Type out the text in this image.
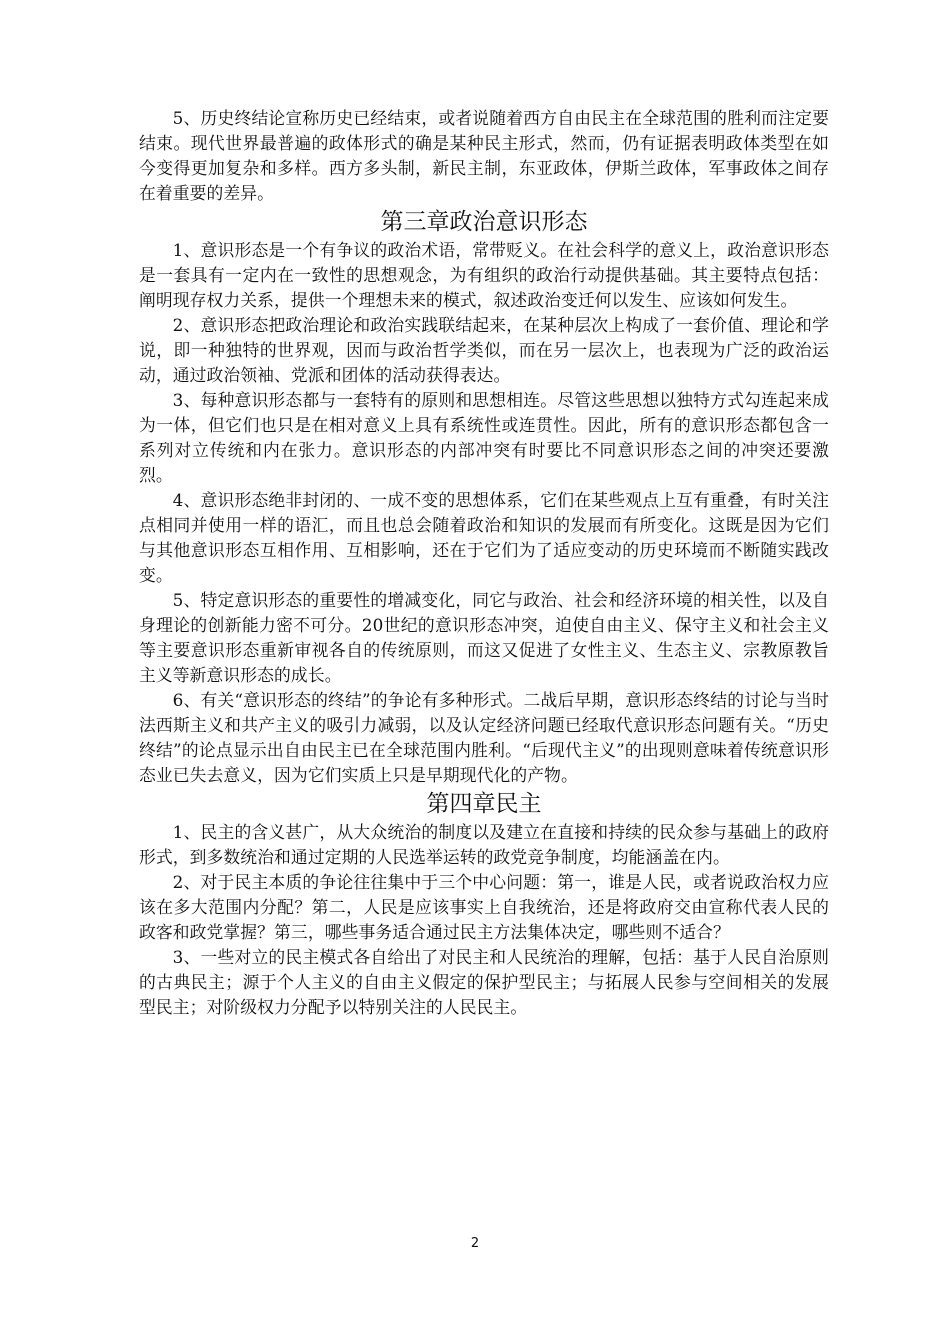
5、历史终结论宣称历史已经结束，或者说随着西方自由民主在全球范围的胜利而注定要结束。现代世界最普遍的政体形式的确是某种民主形式，然而，仍有证据表明政体类型在如今变得更加复杂和多样。西方多头制，新民主制，东亚政体，伊斯兰政体，军事政体之间存在着重要的差异。

第三章政治意识形态

1、意识形态是一个有争议的政治术语，常带贬义。在社会科学的意义上，政治意识形态是一套具有一定内在一致性的思想观念，为有组织的政治行动提供基础。其主要特点包括：阐明现存权力关系，提供一个理想未来的模式，叙述政治变迁何以发生、应该如何发生。

2、意识形态把政治理论和政治实践联结起来，在某种层次上构成了一套价值、理论和学说，即一种独特的世界观，因而与政治哲学类似，而在另一层次上，也表现为广泛的政治运动，通过政治领袖、党派和团体的活动获得表达。

3、每种意识形态都与一套特有的原则和思想相连。尽管这些思想以独特方式勾连起来成为一体，但它们也只是在相对意义上具有系统性或连贯性。因此，所有的意识形态都包含一系列对立传统和内在张力。意识形态的内部冲突有时要比不同意识形态之间的冲突还要激烈。

4、意识形态绝非封闭的、一成不变的思想体系，它们在某些观点上互有重叠，有时关注点相同并使用一样的语汇，而且也总会随着政治和知识的发展而有所变化。这既是因为它们与其他意识形态互相作用、互相影响，还在于它们为了适应变动的历史环境而不断随实践改变。

5、特定意识形态的重要性的增减变化，同它与政治、社会和经济环境的相关性，以及自身理论的创新能力密不可分。20世纪的意识形态冲突，迫使自由主义、保守主义和社会主义等主要意识形态重新审视各自的传统原则，而这又促进了女性主义、生态主义、宗教原教旨主义等新意识形态的成长。

6、有关“意识形态的终结”的争论有多种形式。二战后早期，意识形态终结的讨论与当时法西斯主义和共产主义的吸引力减弱，以及认定经济问题已经取代意识形态问题有关。“历史终结”的论点显示出自由民主已在全球范围内胜利。“后现代主义”的出现则意味着传统意识形态业已失去意义，因为它们实质上只是早期现代化的产物。

第四章民主

1、民主的含义甚广，从大众统治的制度以及建立在直接和持续的民众参与基础上的政府形式，到多数统治和通过定期的人民选举运转的政党竞争制度，均能涵盖在内。

2、对于民主本质的争论往往集中于三个中心问题：第一，谁是人民，或者说政治权力应该在多大范围内分配？第二，人民是应该事实上自我统治，还是将政府交由宣称代表人民的政客和政党掌握？第三，哪些事务适合通过民主方法集体决定，哪些则不适合？

3、一些对立的民主模式各自给出了对民主和人民统治的理解，包括：基于人民自治原则的古典民主；源于个人主义的自由主义假定的保护型民主；与拓展人民参与空间相关的发展型民主；对阶级权力分配予以特别关注的人民民主。

2
